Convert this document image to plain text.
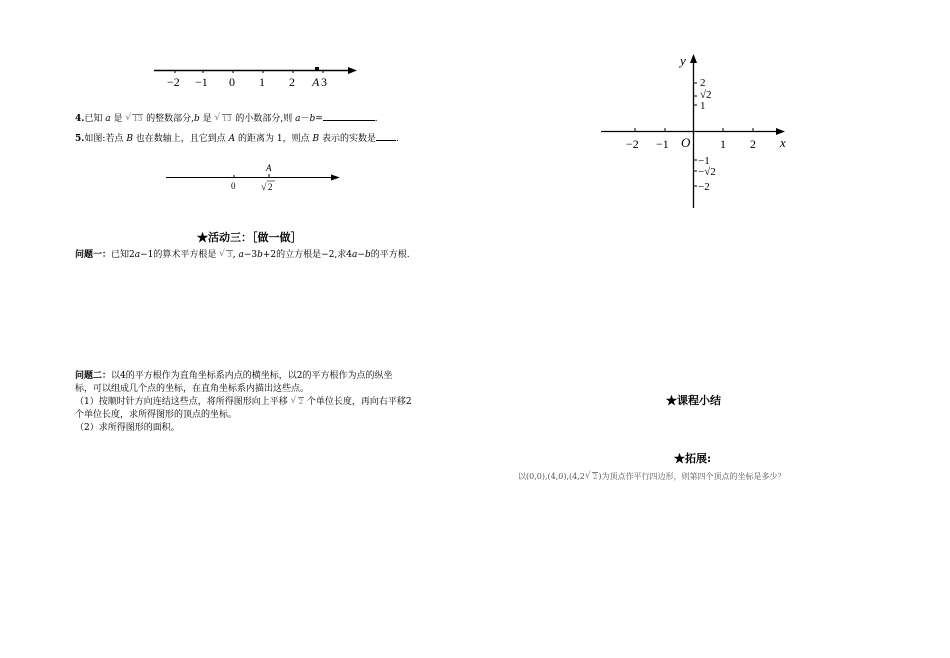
−2 −1 0 1 2 A 3
4.已知 a 是 √ 13 的整数部分,b 是 √ 13 的小数部分,则 a－b=	.
5.如图:若点 B 也在数轴上，且它到点 A 的距离为 1，则点 B 表示的实数是 .
A
0	√ 2
★活动三：［做一做］
问题一：已知2a−1的算术平方根是 √ 3, a−3b+2的立方根是−2,求4a−b的平方根.
问题二：以4的平方根作为直角坐标系内点的横坐标，以2的平方根作为点的纵坐
标，可以组成几个点的坐标，在直角坐标系内描出这些点。
（1）按顺时针方向连结这些点，将所得图形向上平移 √ 2 个单位长度，再向右平移2
个单位长度，求所得图形的顶点的坐标。
（2）求所得图形的面积。
y
x
O
−2 −1	1 2
2
√2
1
−1
−√2
−2
★课程小结
★拓展:
以(0,0),(4,0),(4,2√ 2)为顶点作平行四边形，则第四个顶点的坐标是多少？
